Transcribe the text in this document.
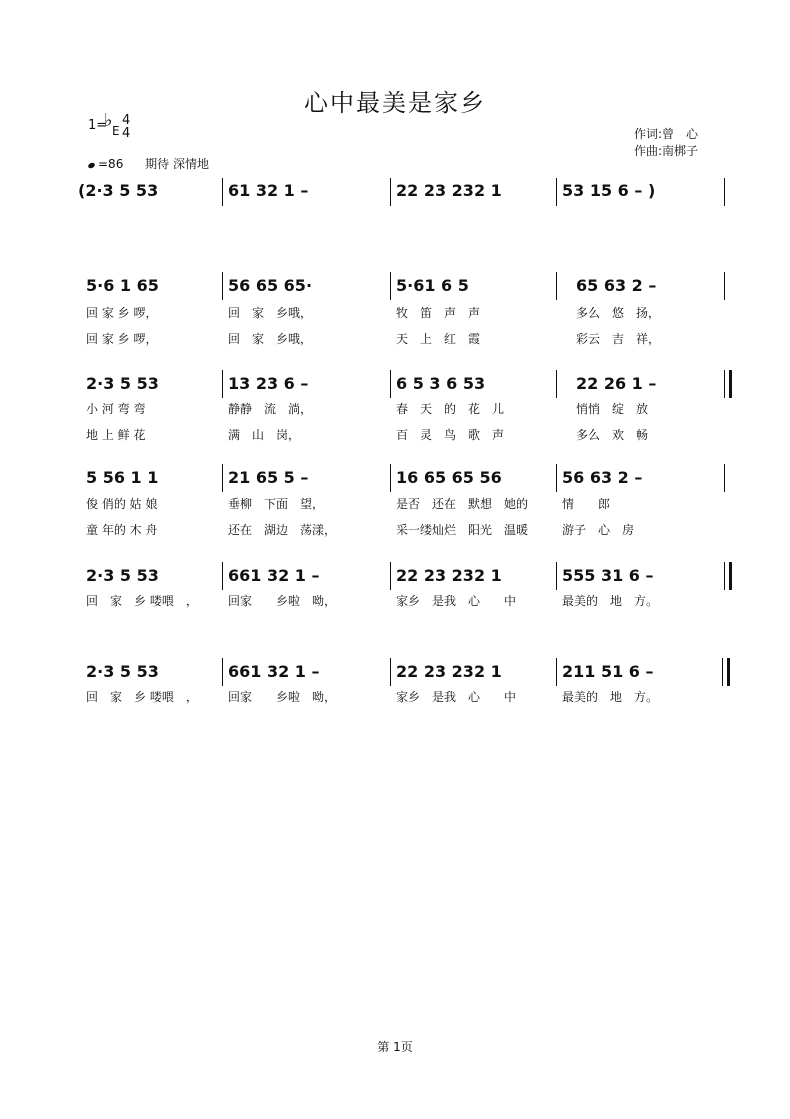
心中最美是家乡
1=
♭ E
4
4	作词:曾　心
作曲:南梆子
=86 期待 深情地
(2·3 5 53	61 32 1 –	22 23 232 1	53 15 6 – )
5·6 1 65	56 65 65·	5·61 6 5	65 63 2 –
回 家 乡 啰，	回　家　乡哦，	牧　笛　声　声	多么　悠　扬，
回 家 乡 啰，	回　家　乡哦，	天　上　红　霞	彩云　吉　祥，
2·3 5 53	13 23 6 –	6 5 3 6 53	22 26 1 –
小 河 弯 弯	静静　流　淌，	春　天　的　花　儿	悄悄　绽　放
地 上 鲜 花	满　山　岗，	百　灵　鸟　歌　声	多么　欢　畅
5 56 1 1	21 65 5 –	16 65 65 56	56 63 2 –
俊 俏的 姑 娘	垂柳　下面　望，	是否　还在　默想　她的	情　　郎
童 年的 木 舟	还在　湖边　荡漾，	采一缕灿烂　阳光　温暖	游子　心　房
2·3 5 53	661 32 1 –	22 23 232 1	555 31 6 –
回　家　乡 喽喂　，	回家　　乡啦　呦，	家乡　是我　心　　中	最美的　地　方。
2·3 5 53	661 32 1 –	22 23 232 1	211 51 6 –
回　家　乡 喽喂　，	回家　　乡啦　呦，	家乡　是我　心　　中	最美的　地　方。
第 1页
